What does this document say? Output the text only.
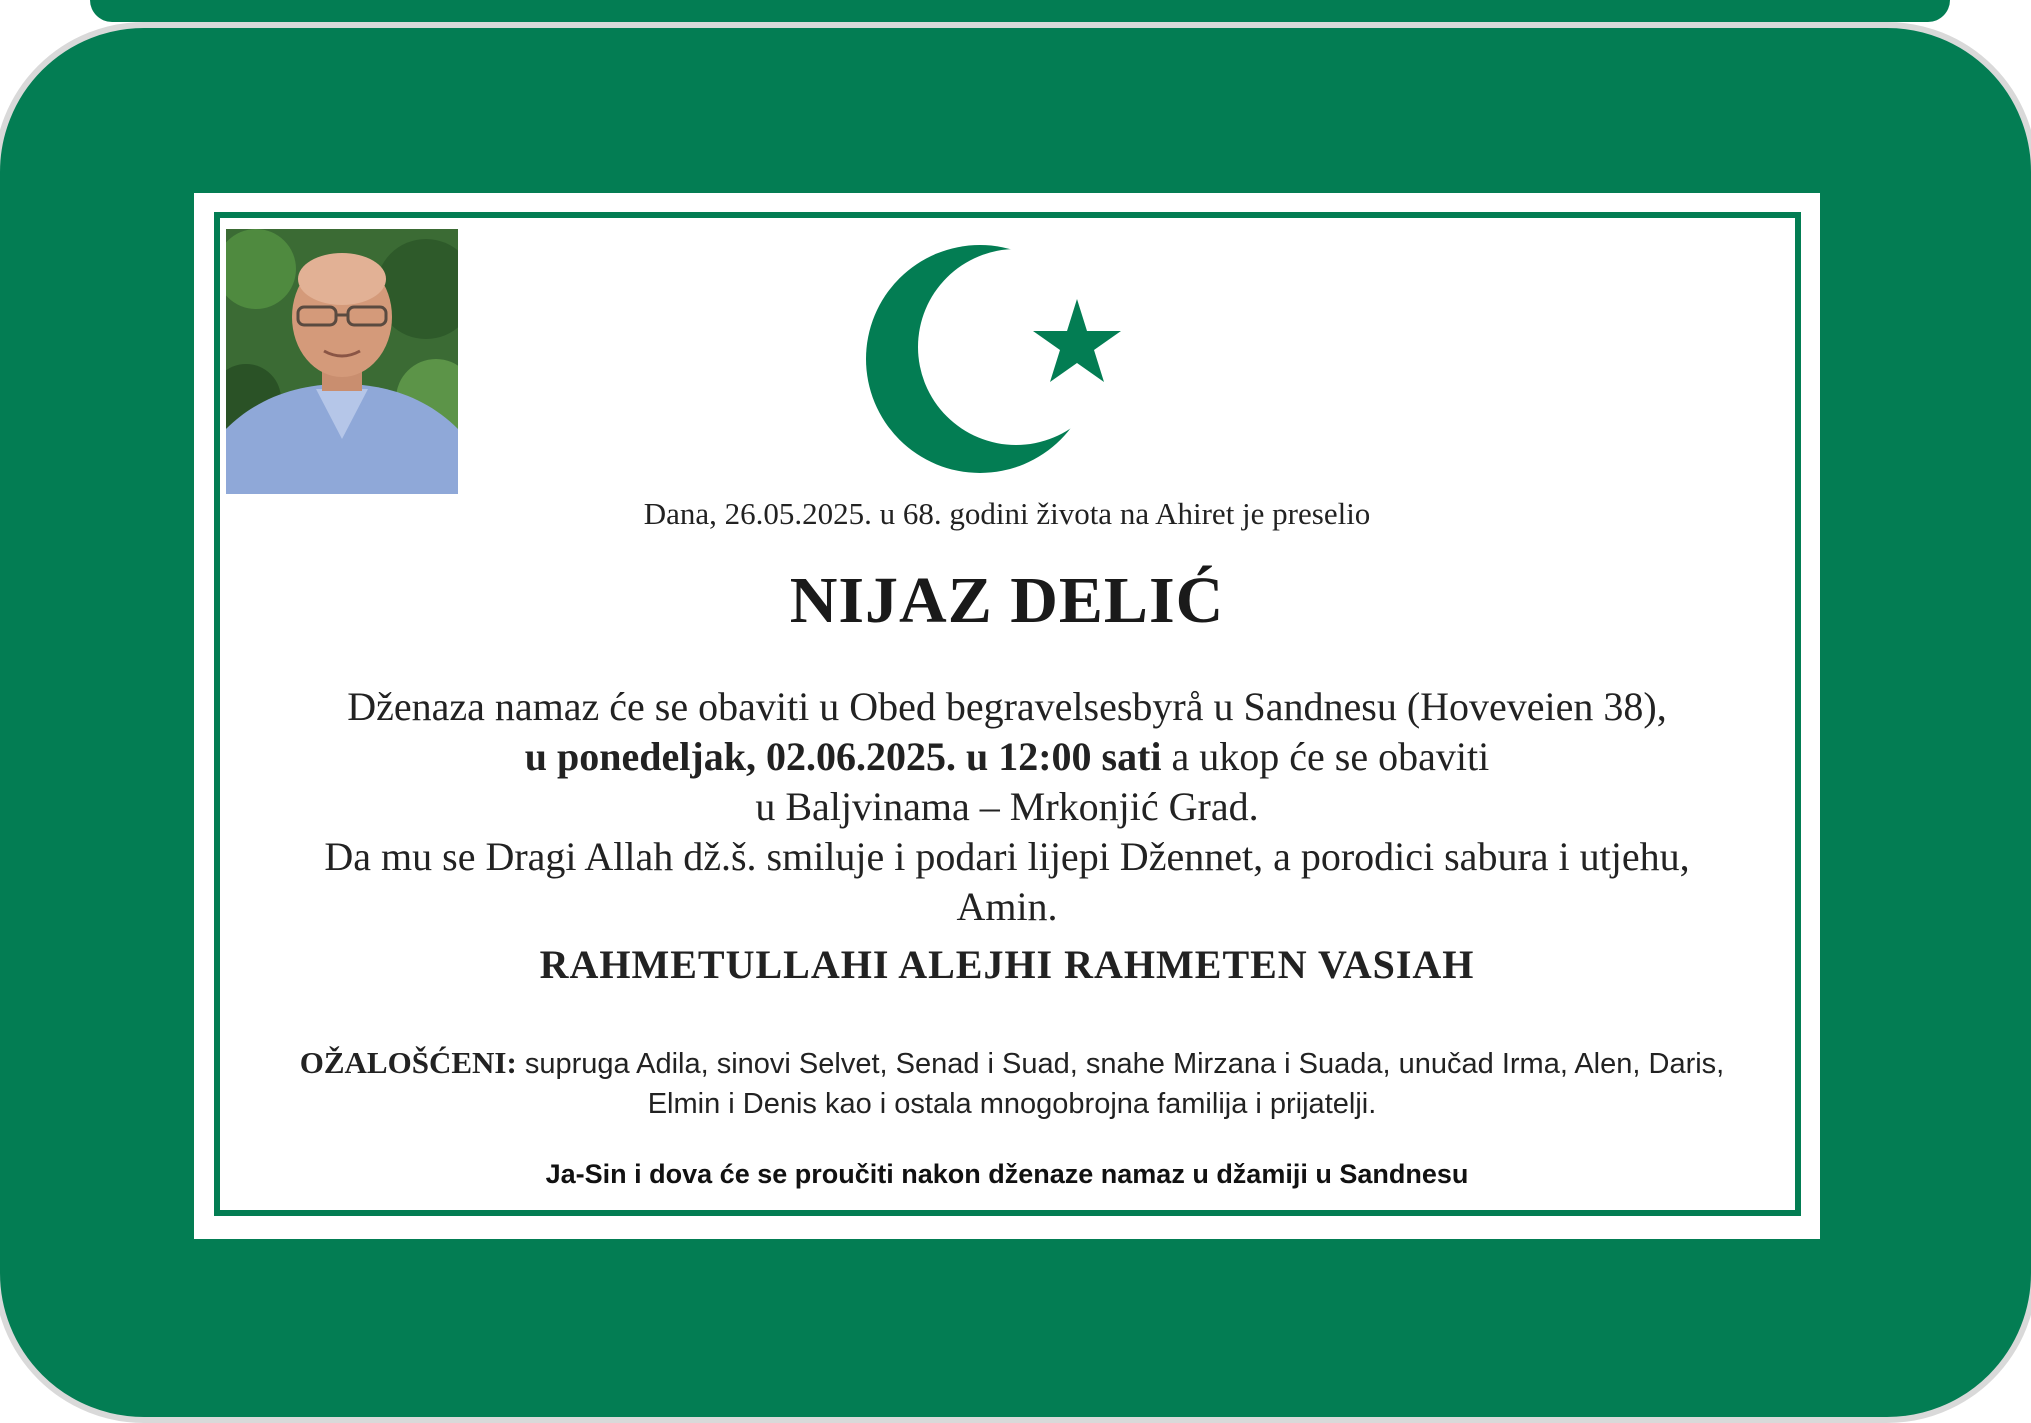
Dana, 26.05.2025. u 68. godini života na Ahiret je preselio
NIJAZ DELIĆ
Dženaza namaz će se obaviti u Obed begravelsesbyrå u Sandnesu (Hoveveien 38),
u ponedeljak, 02.06.2025. u 12:00 sati a ukop će se obaviti
u Baljvinama – Mrkonjić Grad.
Da mu se Dragi Allah dž.š. smiluje i podari lijepi Džennet, a porodici sabura i utjehu,
Amin.
RAHMETULLAHI ALEJHI RAHMETEN VASIAH
OŽALOŠĆENI: supruga Adila, sinovi Selvet, Senad i Suad, snahe Mirzana i Suada, unučad Irma, Alen, Daris,
Elmin i Denis kao i ostala mnogobrojna familija i prijatelji.
Ja-Sin i dova će se proučiti nakon dženaze namaz u džamiji u Sandnesu
